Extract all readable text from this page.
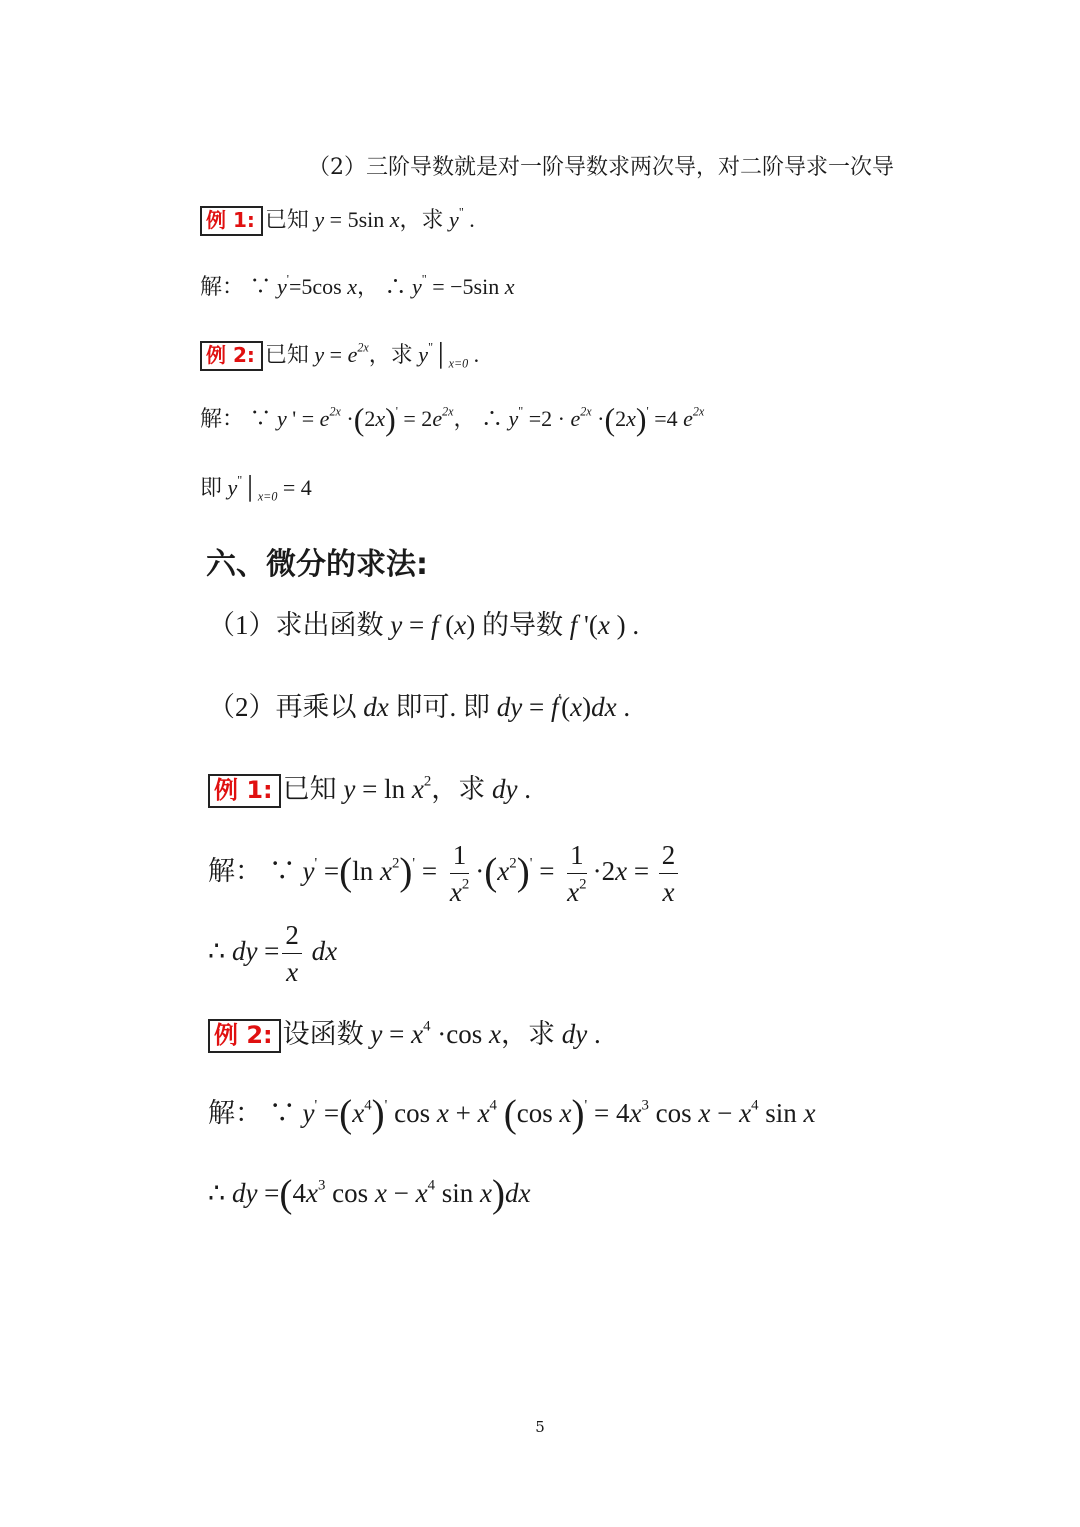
（2）三阶导数就是对一阶导数求两次导，对二阶导求一次导
例 1: 已知 y = 5sin x，求 y" .
解： ∵ y'=5cos x， ∴ y" = −5sin x
例 2: 已知 $y = e^{2x}$，求 $y^"│_{x=0}$ .
解： ∵ y ' = $e^{2x} \cdot(2x)' = 2e^{2x}$， ∴ $y^" =2 \cdot e^{2x} \cdot(2x)' =4$ $e^{2x}$
即 $y^"│_{x=0} = 4$
六、微分的求法:
（1）求出函数 y = f (x) 的导数 f '(x ) .
（2）再乘以 dx 即可. 即 dy = f'(x)dx .
例 1: 已知 $y = \ln x^2$，求 dy .
解： ∵ y' =(ln $x^2)' = \frac{1}{x^2} \cdot(x^2)' = \frac{1}{x^2} \cdot 2x = \frac{2}{x}$
∴ dy = $\frac{2}{x}$ dx
例 2: 设函数 $y = x^4 \cdot\cos$ x，求 dy .
解： ∵ $y' =(x^4)'$ $\cos x + x^4$ (cos $x)' = 4x^3$ $\cos x - x^4$ sin x
∴ dy $=(4x^3$ $\cos x - x^4$ sin x)dx
5
